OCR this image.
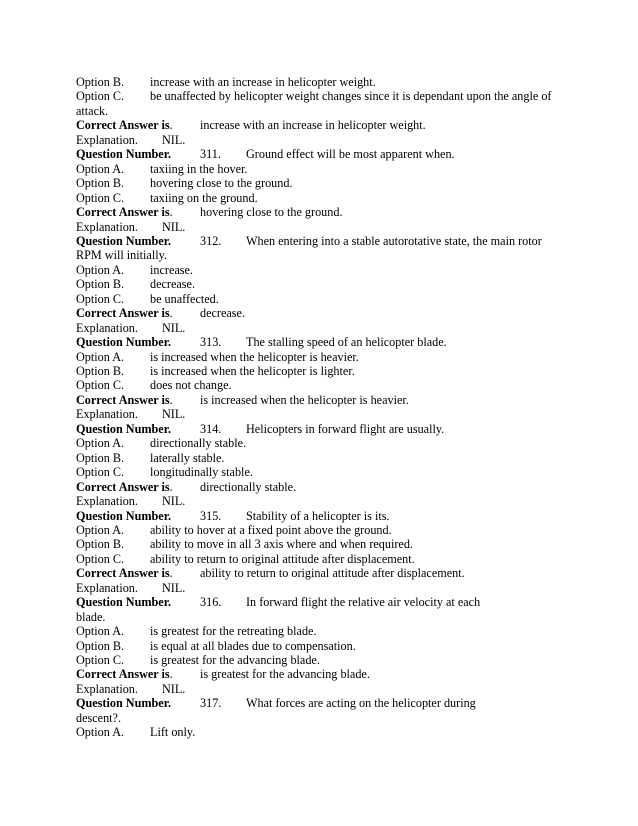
Option B. increase with an increase in helicopter weight.
Option C. be unaffected by helicopter weight changes since it is dependant upon the angle of
attack.
Correct Answer is. increase with an increase in helicopter weight.
Explanation. NIL.
Question Number. 311. Ground effect will be most apparent when.
Option A. taxiing in the hover.
Option B. hovering close to the ground.
Option C. taxiing on the ground.
Correct Answer is. hovering close to the ground.
Explanation. NIL.
Question Number. 312. When entering into a stable autorotative state, the main rotor
RPM will initially.
Option A. increase.
Option B. decrease.
Option C. be unaffected.
Correct Answer is. decrease.
Explanation. NIL.
Question Number. 313. The stalling speed of an helicopter blade.
Option A. is increased when the helicopter is heavier.
Option B. is increased when the helicopter is lighter.
Option C. does not change.
Correct Answer is. is increased when the helicopter is heavier.
Explanation. NIL.
Question Number. 314. Helicopters in forward flight are usually.
Option A. directionally stable.
Option B. laterally stable.
Option C. longitudinally stable.
Correct Answer is. directionally stable.
Explanation. NIL.
Question Number. 315. Stability of a helicopter is its.
Option A. ability to hover at a fixed point above the ground.
Option B. ability to move in all 3 axis where and when required.
Option C. ability to return to original attitude after displacement.
Correct Answer is. ability to return to original attitude after displacement.
Explanation. NIL.
Question Number. 316. In forward flight the relative air velocity at each
blade.
Option A. is greatest for the retreating blade.
Option B. is equal at all blades due to compensation.
Option C. is greatest for the advancing blade.
Correct Answer is. is greatest for the advancing blade.
Explanation. NIL.
Question Number. 317. What forces are acting on the helicopter during
descent?.
Option A. Lift only.
